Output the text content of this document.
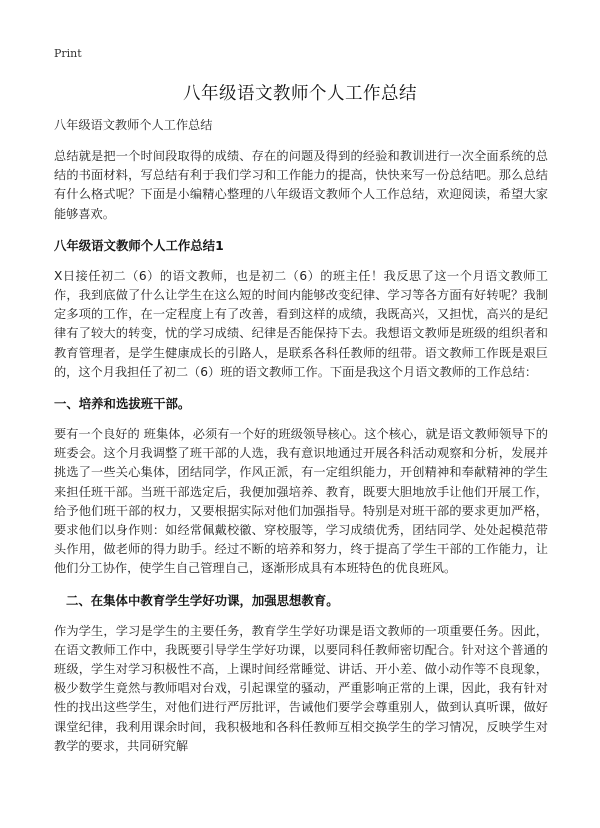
Print
八年级语文教师个人工作总结

八年级语文教师个人工作总结

总结就是把一个时间段取得的成绩、存在的问题及得到的经验和教训进行一次全面系统的总结的书面材料，写总结有利于我们学习和工作能力的提高，快快来写一份总结吧。那么总结有什么格式呢？下面是小编精心整理的八年级语文教师个人工作总结，欢迎阅读，希望大家能够喜欢。

八年级语文教师个人工作总结1

X日接任初二（6）的语文教师，也是初二（6）的班主任！我反思了这一个月语文教师工作，我到底做了什么让学生在这么短的时间内能够改变纪律、学习等各方面有好转呢？我制定多项的工作，在一定程度上有了改善，看到这样的成绩，我既高兴，又担忧，高兴的是纪律有了较大的转变，忧的学习成绩、纪律是否能保持下去。我想语文教师是班级的组织者和教育管理者，是学生健康成长的引路人，是联系各科任教师的纽带。语文教师工作既是艰巨的，这个月我担任了初二（6）班的语文教师工作。下面是我这个月语文教师的工作总结：

一、培养和选拔班干部。

要有一个良好的 班集体，必须有一个好的班级领导核心。这个核心，就是语文教师领导下的班委会。这个月我调整了班干部的人选，我有意识地通过开展各科活动观察和分析，发展并挑选了一些关心集体，团结同学，作风正派，有一定组织能力，开创精神和奉献精神的学生来担任班干部。当班干部选定后，我便加强培养、教育，既要大胆地放手让他们开展工作，给予他们班干部的权力，又要根据实际对他们加强指导。特别是对班干部的要求更加严格，要求他们以身作则：如经常佩戴校徽、穿校服等，学习成绩优秀，团结同学、处处起模范带头作用，做老师的得力助手。经过不断的培养和努力，终于提高了学生干部的工作能力，让他们分工协作，使学生自己管理自己，逐渐形成具有本班特色的优良班风。

二、在集体中教育学生学好功课，加强思想教育。

作为学生，学习是学生的主要任务，教育学生学好功课是语文教师的一项重要任务。因此，在语文教师工作中，我既要引导学生学好功课，以要同科任教师密切配合。针对这个普通的班级，学生对学习积极性不高，上课时间经常睡觉、讲话、开小差、做小动作等不良现象，极少数学生竟然与教师唱对台戏，引起课堂的骚动，严重影响正常的上课，因此，我有针对性的找出这些学生，对他们进行严厉批评，告诫他们要学会尊重别人，做到认真听课，做好课堂纪律，我利用课余时间，我积极地和各科任教师互相交换学生的学习情况，反映学生对教学的要求，共同研究解
